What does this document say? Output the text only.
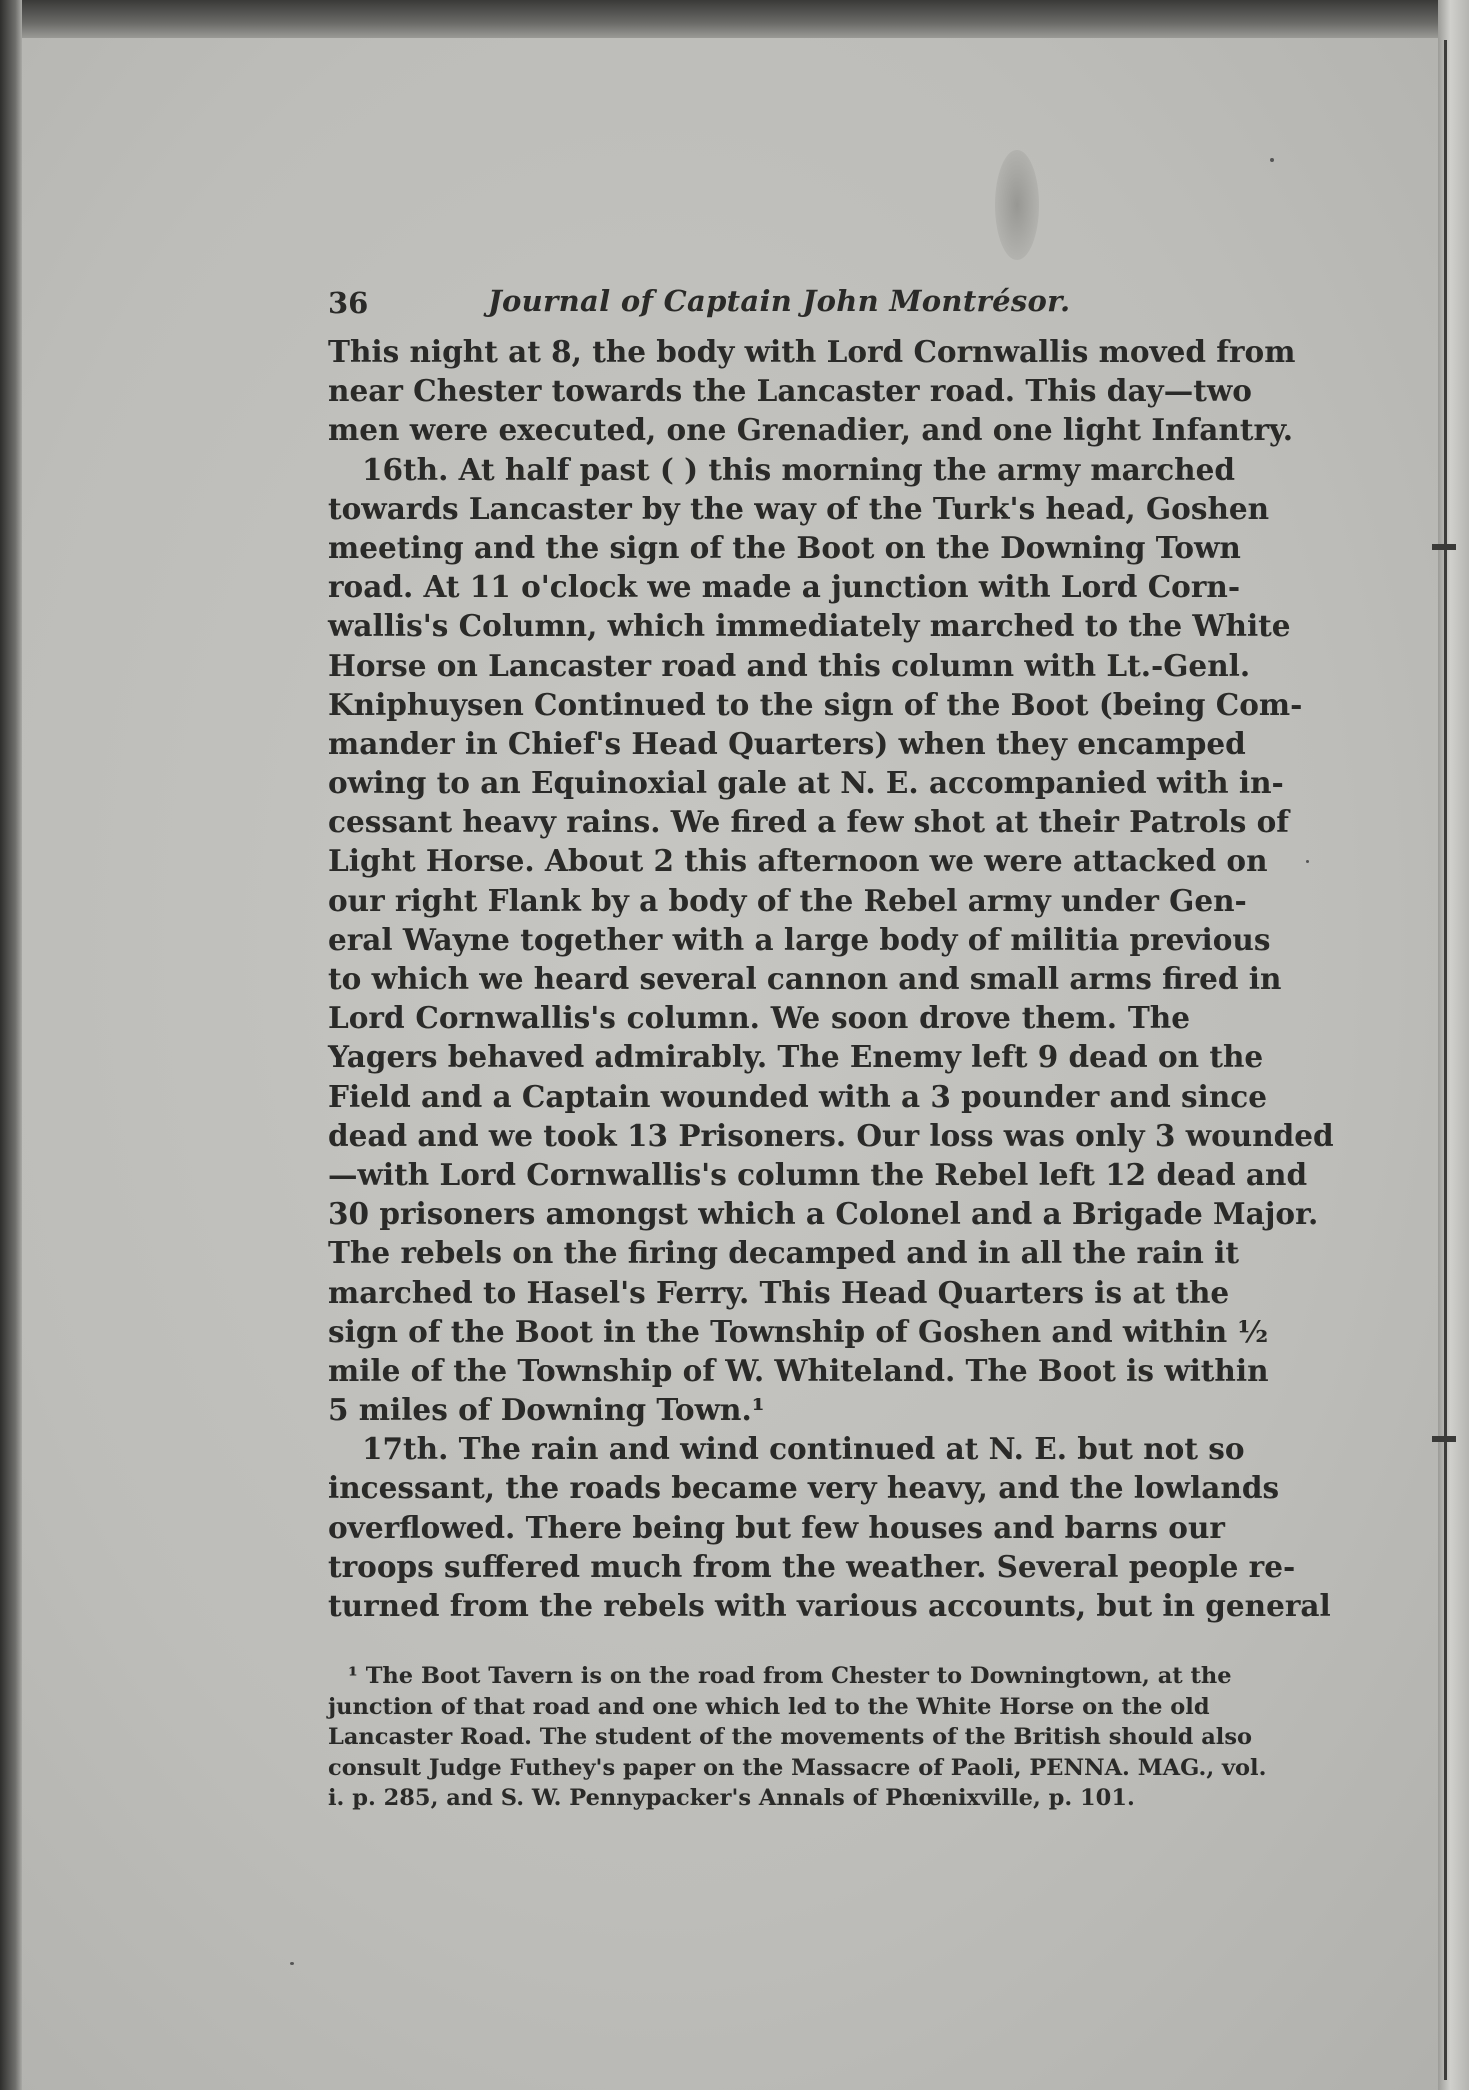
36	Journal of Captain John Montrésor.
This night at 8, the body with Lord Cornwallis moved from
near Chester towards the Lancaster road. This day—two
men were executed, one Grenadier, and one light Infantry.
16th. At half past ( ) this morning the army marched
towards Lancaster by the way of the Turk's head, Goshen
meeting and the sign of the Boot on the Downing Town
road. At 11 o'clock we made a junction with Lord Corn-
wallis's Column, which immediately marched to the White
Horse on Lancaster road and this column with Lt.-Genl.
Kniphuysen Continued to the sign of the Boot (being Com-
mander in Chief's Head Quarters) when they encamped
owing to an Equinoxial gale at N. E. accompanied with in-
cessant heavy rains. We fired a few shot at their Patrols of
Light Horse. About 2 this afternoon we were attacked on
our right Flank by a body of the Rebel army under Gen-
eral Wayne together with a large body of militia previous
to which we heard several cannon and small arms fired in
Lord Cornwallis's column. We soon drove them. The
Yagers behaved admirably. The Enemy left 9 dead on the
Field and a Captain wounded with a 3 pounder and since
dead and we took 13 Prisoners. Our loss was only 3 wounded
—with Lord Cornwallis's column the Rebel left 12 dead and
30 prisoners amongst which a Colonel and a Brigade Major.
The rebels on the firing decamped and in all the rain it
marched to Hasel's Ferry. This Head Quarters is at the
sign of the Boot in the Township of Goshen and within ½
mile of the Township of W. Whiteland. The Boot is within
5 miles of Downing Town.¹
17th. The rain and wind continued at N. E. but not so
incessant, the roads became very heavy, and the lowlands
overflowed. There being but few houses and barns our
troops suffered much from the weather. Several people re-
turned from the rebels with various accounts, but in general
¹ The Boot Tavern is on the road from Chester to Downingtown, at the
junction of that road and one which led to the White Horse on the old
Lancaster Road. The student of the movements of the British should also
consult Judge Futhey's paper on the Massacre of Paoli, PENNA. MAG., vol.
i. p. 285, and S. W. Pennypacker's Annals of Phœnixville, p. 101.
